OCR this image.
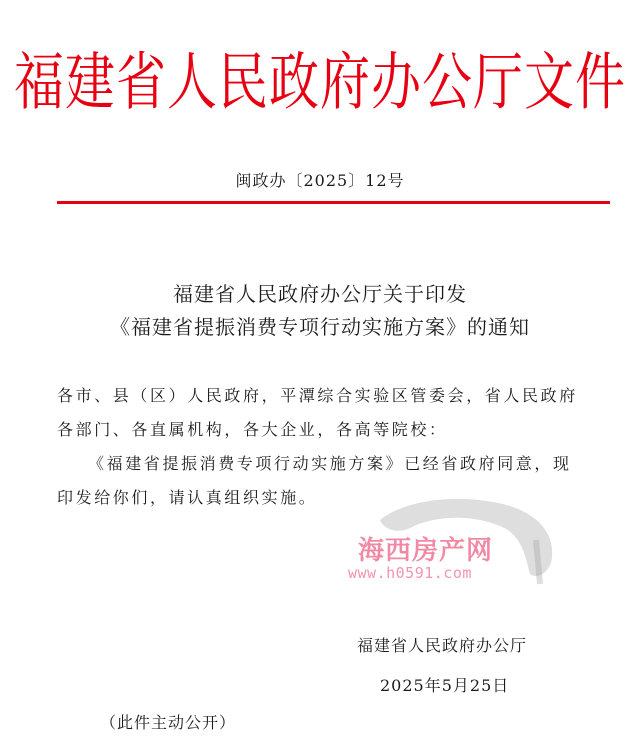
福建省人民政府办公厅文件
闽政办〔2025〕12号
福建省人民政府办公厅关于印发
《福建省提振消费专项行动实施方案》的通知
各市、县（区）人民政府，平潭综合实验区管委会，省人民政府
各部门、各直属机构，各大企业，各高等院校：
《福建省提振消费专项行动实施方案》已经省政府同意，现
印发给你们，请认真组织实施。
海西房产网
www.h0591.com
福建省人民政府办公厅
2025年5月25日
（此件主动公开）
